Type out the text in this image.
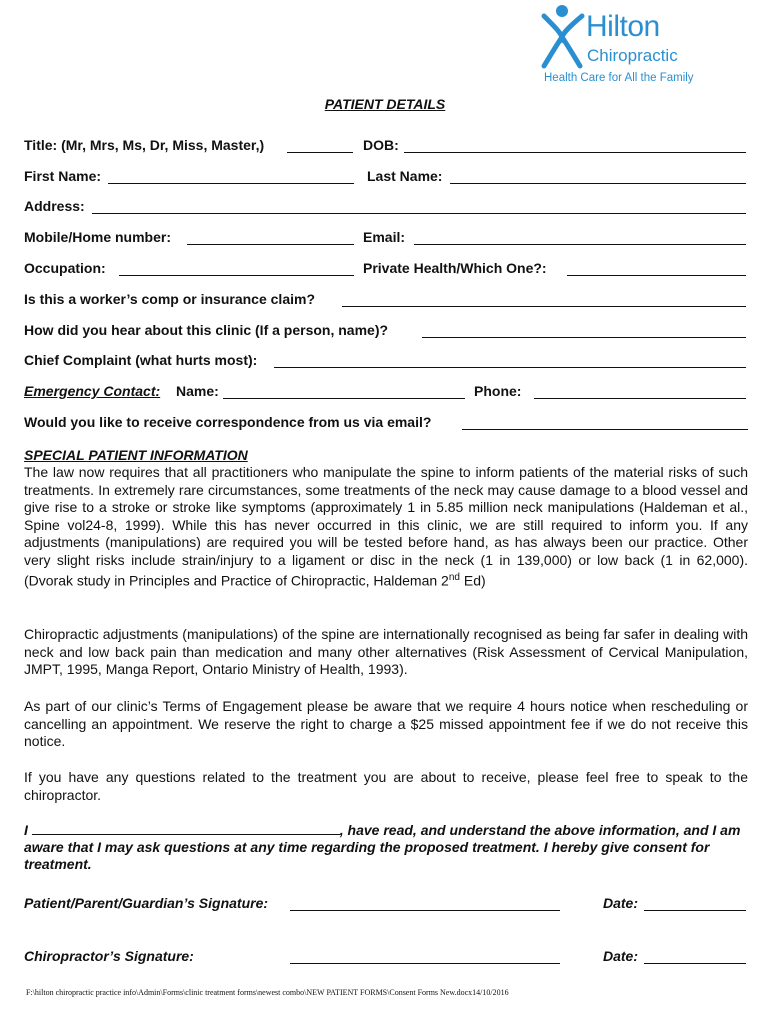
Hilton
Chiropractic
Health Care for All the Family
PATIENT DETAILS
Title: (Mr, Mrs, Ms, Dr, Miss, Master,)	DOB:
First Name:	Last Name:
Address:
Mobile/Home number:	Email:
Occupation:	Private Health/Which One?:
Is this a worker’s comp or insurance claim?
How did you hear about this clinic (If a person, name)?
Chief Complaint (what hurts most):
Emergency Contact: Name:	Phone:
Would you like to receive correspondence from us via email?
SPECIAL PATIENT INFORMATION
The law now requires that all practitioners who manipulate the spine to inform patients of the material risks of such treatments. In extremely rare circumstances, some treatments of the neck may cause damage to a blood vessel and give rise to a stroke or stroke like symptoms (approximately 1 in 5.85 million neck manipulations (Haldeman et al., Spine vol24-8, 1999). While this has never occurred in this clinic, we are still required to inform you. If any adjustments (manipulations) are required you will be tested before hand, as has always been our practice. Other very slight risks include strain/injury to a ligament or disc in the neck (1 in 139,000) or low back (1 in 62,000). (Dvorak study in Principles and Practice of Chiropractic, Haldeman 2nd Ed)
Chiropractic adjustments (manipulations) of the spine are internationally recognised as being far safer in dealing with neck and low back pain than medication and many other alternatives (Risk Assessment of Cervical Manipulation, JMPT, 1995, Manga Report, Ontario Ministry of Health, 1993).
As part of our clinic’s Terms of Engagement please be aware that we require 4 hours notice when rescheduling or cancelling an appointment. We reserve the right to charge a $25 missed appointment fee if we do not receive this notice.
If you have any questions related to the treatment you are about to receive, please feel free to speak to the chiropractor.
I	, have read, and understand the above information, and I am aware that I may ask questions at any time regarding the proposed treatment. I hereby give consent for treatment.
Patient/Parent/Guardian’s Signature:	Date:
Chiropractor’s Signature:	Date:
F:\hilton chiropractic practice info\Admin\Forms\clinic treatment forms\newest combo\NEW PATIENT FORMS\Consent Forms New.docx14/10/2016
